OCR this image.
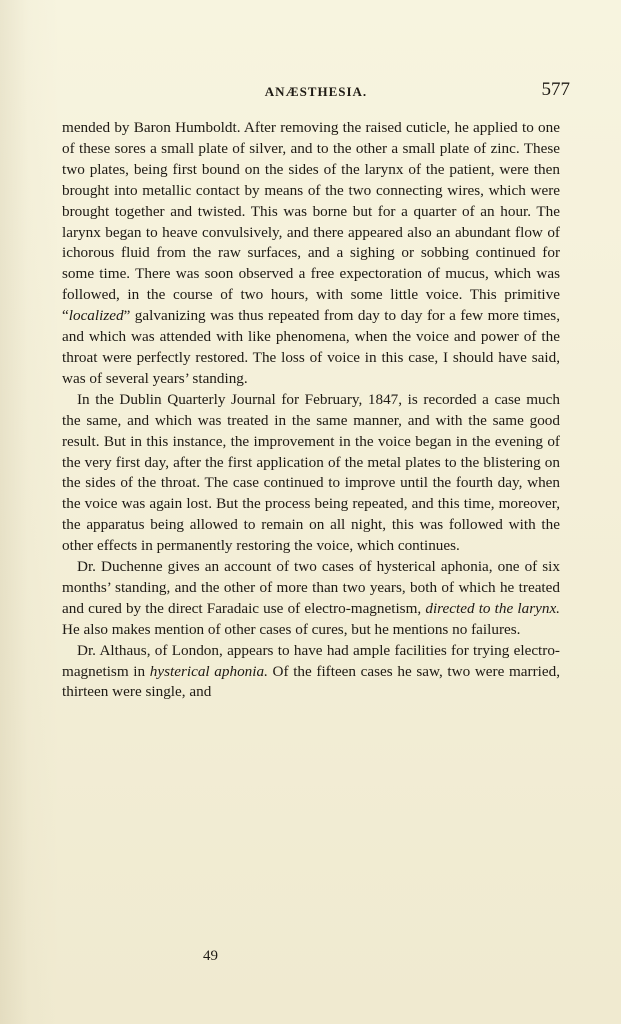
ANÆSTHESIA.	577

mended by Baron Humboldt. After removing the raised cuticle, he applied to one of these sores a small plate of silver, and to the other a small plate of zinc. These two plates, being first bound on the sides of the larynx of the patient, were then brought into metallic contact by means of the two connecting wires, which were brought together and twisted. This was borne but for a quarter of an hour. The larynx began to heave convulsively, and there appeared also an abundant flow of ichorous fluid from the raw surfaces, and a sighing or sobbing continued for some time. There was soon observed a free expectoration of mucus, which was followed, in the course of two hours, with some little voice. This primitive “localized” galvanizing was thus repeated from day to day for a few more times, and which was attended with like phenomena, when the voice and power of the throat were perfectly restored. The loss of voice in this case, I should have said, was of several years’ standing.

In the Dublin Quarterly Journal for February, 1847, is recorded a case much the same, and which was treated in the same manner, and with the same good result. But in this instance, the improvement in the voice began in the evening of the very first day, after the first application of the metal plates to the blistering on the sides of the throat. The case continued to improve until the fourth day, when the voice was again lost. But the process being repeated, and this time, moreover, the apparatus being allowed to remain on all night, this was followed with the other effects in permanently restoring the voice, which continues.

Dr. Duchenne gives an account of two cases of hysterical aphonia, one of six months’ standing, and the other of more than two years, both of which he treated and cured by the direct Faradaic use of electro-magnetism, directed to the larynx. He also makes mention of other cases of cures, but he mentions no failures.

Dr. Althaus, of London, appears to have had ample facilities for trying electro-magnetism in hysterical aphonia. Of the fifteen cases he saw, two were married, thirteen were single, and

49
